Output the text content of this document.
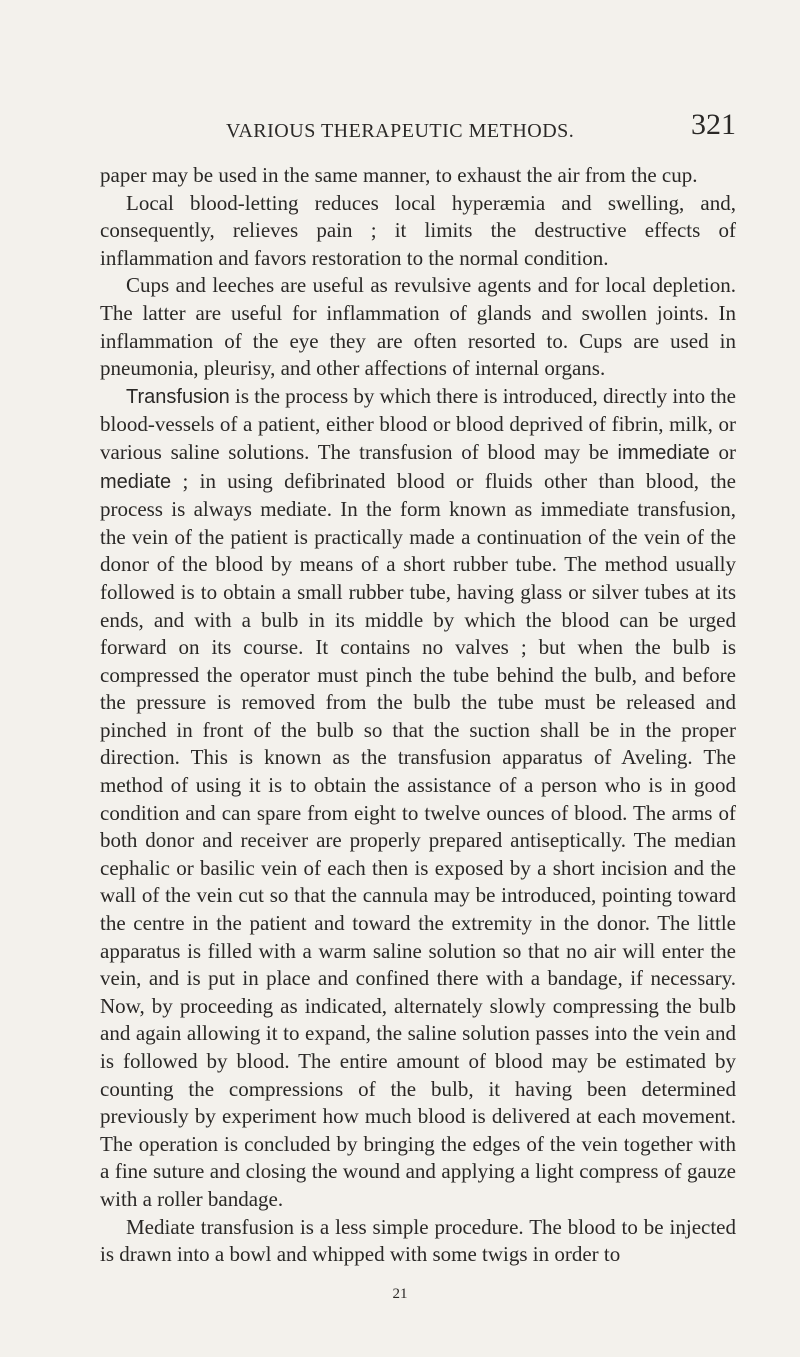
VARIOUS THERAPEUTIC METHODS.	321

paper may be used in the same manner, to exhaust the air from the cup.

Local blood-letting reduces local hyperæmia and swelling, and, consequently, relieves pain ; it limits the destructive effects of inflammation and favors restoration to the normal condition.

Cups and leeches are useful as revulsive agents and for local depletion. The latter are useful for inflammation of glands and swollen joints. In inflammation of the eye they are often resorted to. Cups are used in pneumonia, pleurisy, and other affections of internal organs.

Transfusion is the process by which there is introduced, directly into the blood-vessels of a patient, either blood or blood deprived of fibrin, milk, or various saline solutions. The transfusion of blood may be immediate or mediate ; in using defibrinated blood or fluids other than blood, the process is always mediate. In the form known as immediate transfusion, the vein of the patient is practically made a continuation of the vein of the donor of the blood by means of a short rubber tube. The method usually followed is to obtain a small rubber tube, having glass or silver tubes at its ends, and with a bulb in its middle by which the blood can be urged forward on its course. It contains no valves ; but when the bulb is compressed the operator must pinch the tube behind the bulb, and before the pressure is removed from the bulb the tube must be released and pinched in front of the bulb so that the suction shall be in the proper direction. This is known as the transfusion apparatus of Aveling. The method of using it is to obtain the assistance of a person who is in good condition and can spare from eight to twelve ounces of blood. The arms of both donor and receiver are properly prepared antiseptically. The median cephalic or basilic vein of each then is exposed by a short incision and the wall of the vein cut so that the cannula may be introduced, pointing toward the centre in the patient and toward the extremity in the donor. The little apparatus is filled with a warm saline solution so that no air will enter the vein, and is put in place and confined there with a bandage, if necessary. Now, by proceeding as indicated, alternately slowly compressing the bulb and again allowing it to expand, the saline solution passes into the vein and is followed by blood. The entire amount of blood may be estimated by counting the compressions of the bulb, it having been determined previously by experiment how much blood is delivered at each movement. The operation is concluded by bringing the edges of the vein together with a fine suture and closing the wound and applying a light compress of gauze with a roller bandage.

Mediate transfusion is a less simple procedure. The blood to be injected is drawn into a bowl and whipped with some twigs in order to

21
